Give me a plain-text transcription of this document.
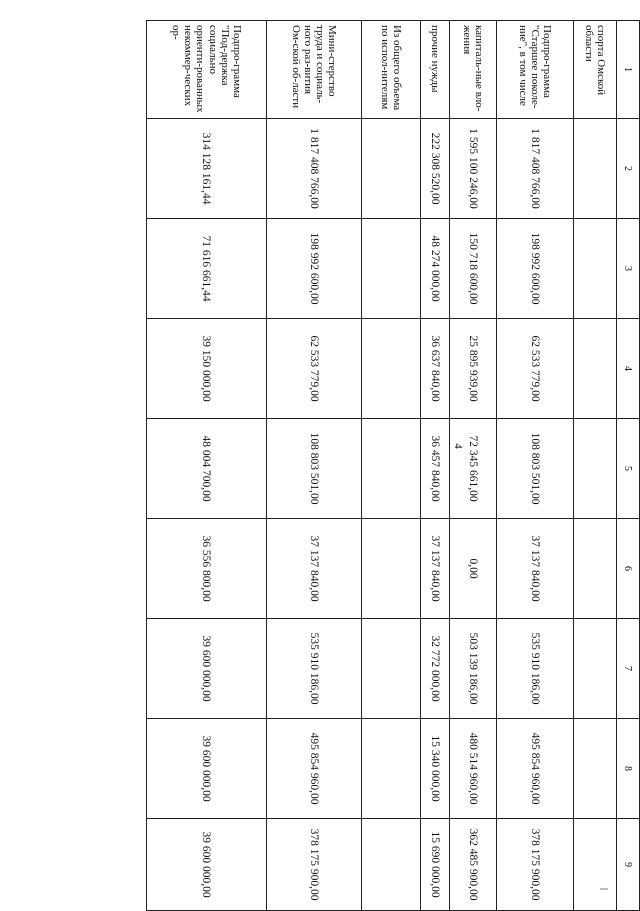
4
1	2	3	4	5	6	7	8	9
спорта Омской области								
Подпро-грамма "Старшее поколе-ние", в том числе	1 817 408 766,00	198 992 600,00	62 533 779,00	108 803 501,00	37 137 840,00	535 910 186,00	495 854 960,00	378 175 900,00
капиталь-ные вло-жения	1 595 100 246,00	150 718 600,00	25 895 939,00	72 345 661,00	0,00	503 139 186,00	480 514 960,00	362 485 900,00
прочие нужды	222 308 520,00	48 274 000,00	36 637 840,00	36 457 840,00	37 137 840,00	32 772 000,00	15 340 000,00	15 690 000,00
Из общего объема по испол-нителям								
Мини-стерство труда и социаль-ного раз-вития Ом-ской об-ласти	1 817 408 766,00	198 992 600,00	62 533 779,00	108 803 501,00	37 137 840,00	535 910 186,00	495 854 960,00	378 175 900,00
Подпро-грамма "Под-держка социально ориенти-рованных некоммер-ческих ор-	314 128 161,44	71 616 661,44	39 150 000,00	48 004 700,00	36 556 800,00	39 600 000,00	39 600 000,00	39 600 000,00
